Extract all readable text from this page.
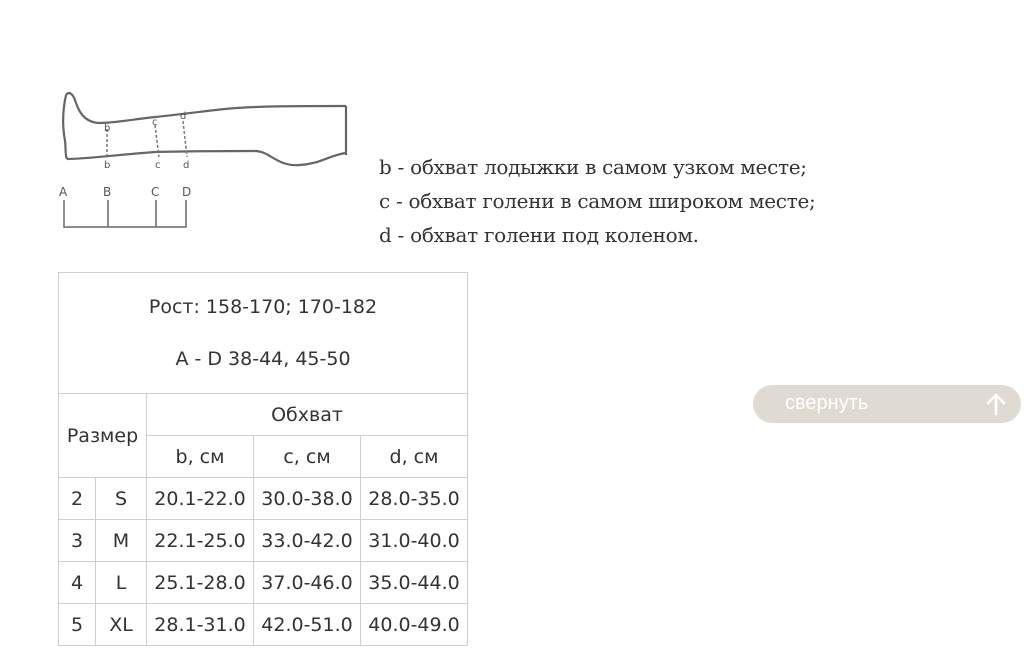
b
c
d
b	c d
A	B	C D
b - обхват лодыжки в самом узком месте;
c - обхват голени в самом широком месте;
d - обхват голени под коленом.
Рост: 158-170; 170-182
A - D 38-44, 45-50				

Размер		Обхват		
		b, см	c, см	d, см
2	S	20.1-22.0	30.0-38.0	28.0-35.0
3	M	22.1-25.0	33.0-42.0	31.0-40.0
4	L	25.1-28.0	37.0-46.0	35.0-44.0
5	XL	28.1-31.0	42.0-51.0	40.0-49.0
свернуть
